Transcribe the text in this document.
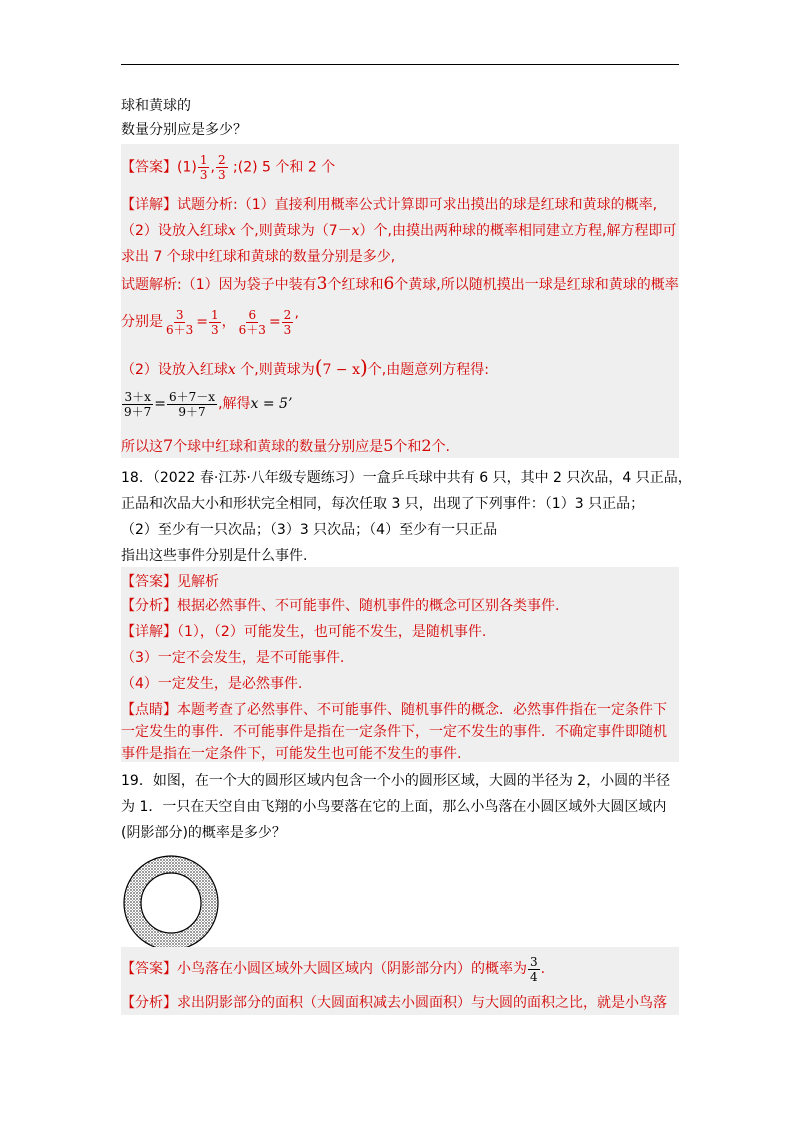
球和黄球的
数量分别应是多少？
【答案】$(1) \frac{1}{3}$ , $\frac{2}{3}$ ;(2) 5 个和 2 个
【详解】试题分析:（1）直接利用概率公式计算即可求出摸出的球是红球和黄球的概率,
（2）设放入红球x 个,则黄球为（7－x）个,由摸出两种球的概率相同建立方程,解方程即可
求出 7 个球中红球和黄球的数量分别是多少,
试题解析:（1）因为袋子中装有3个红球和6个黄球,所以随机摸出一球是红球和黄球的概率
分别是 $\frac{3}{6+3} = \frac{1}{3}$ ， $\frac{6}{6+3} = \frac{2}{3}$ ’
（2）设放入红球x 个,则黄球为(7 − x)个,由题意列方程得:
$\frac{3+x}{9+7} = \frac{6+7-x}{9+7}$ ,解得x = 5’
所以这7个球中红球和黄球的数量分别应是5个和2个.
18．（2022 春·江苏·八年级专题练习）一盒乒乓球中共有 6 只，其中 2 只次品，4 只正品，
正品和次品大小和形状完全相同，每次任取 3 只，出现了下列事件：（1）3 只正品；
（2）至少有一只次品；（3）3 只次品；（4）至少有一只正品
指出这些事件分别是什么事件.
【答案】见解析
【分析】根据必然事件、不可能事件、随机事件的概念可区别各类事件.
【详解】（1），（2）可能发生，也可能不发生，是随机事件.
（3）一定不会发生，是不可能事件.
（4）一定发生，是必然事件.
【点睛】本题考查了必然事件、不可能事件、随机事件的概念．必然事件指在一定条件下
一定发生的事件．不可能事件是指在一定条件下，一定不发生的事件．不确定事件即随机
事件是指在一定条件下，可能发生也可能不发生的事件.
19．如图，在一个大的圆形区域内包含一个小的圆形区域，大圆的半径为 2，小圆的半径
为 1．一只在天空自由飞翔的小鸟要落在它的上面，那么小鸟落在小圆区域外大圆区域内
(阴影部分)的概率是多少？
【答案】小鸟落在小圆区域外大圆区域内（阴影部分内）的概率为 $\frac{3}{4}$ .
【分析】求出阴影部分的面积（大圆面积减去小圆面积）与大圆的面积之比，就是小鸟落
